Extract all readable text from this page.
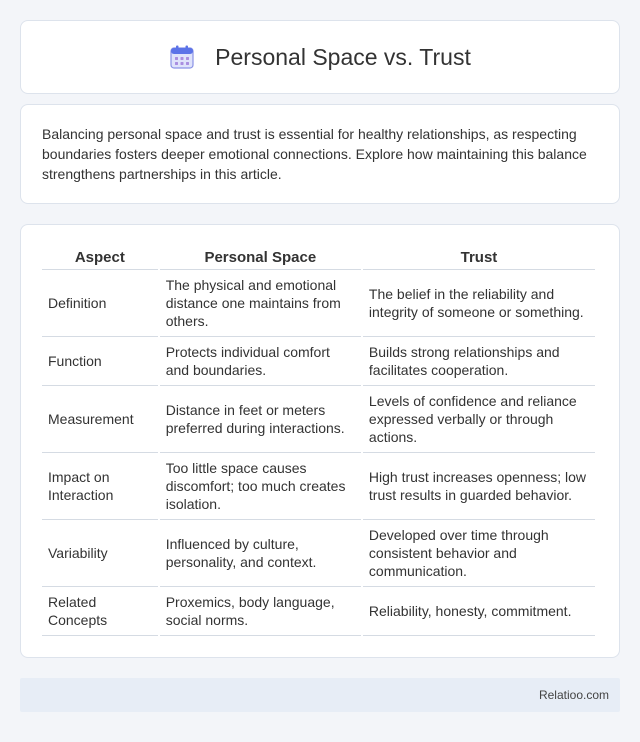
Personal Space vs. Trust

Balancing personal space and trust is essential for healthy relationships, as respecting boundaries fosters deeper emotional connections. Explore how maintaining this balance strengthens partnerships in this article.

Aspect	Personal Space	Trust
Definition	The physical and emotional distance one maintains from others.	The belief in the reliability and integrity of someone or something.
Function	Protects individual comfort and boundaries.	Builds strong relationships and facilitates cooperation.
Measurement	Distance in feet or meters preferred during interactions.	Levels of confidence and reliance expressed verbally or through actions.
Impact on Interaction	Too little space causes discomfort; too much creates isolation.	High trust increases openness; low trust results in guarded behavior.
Variability	Influenced by culture, personality, and context.	Developed over time through consistent behavior and communication.
Related Concepts	Proxemics, body language, social norms.	Reliability, honesty, commitment.
Relatioo.com
